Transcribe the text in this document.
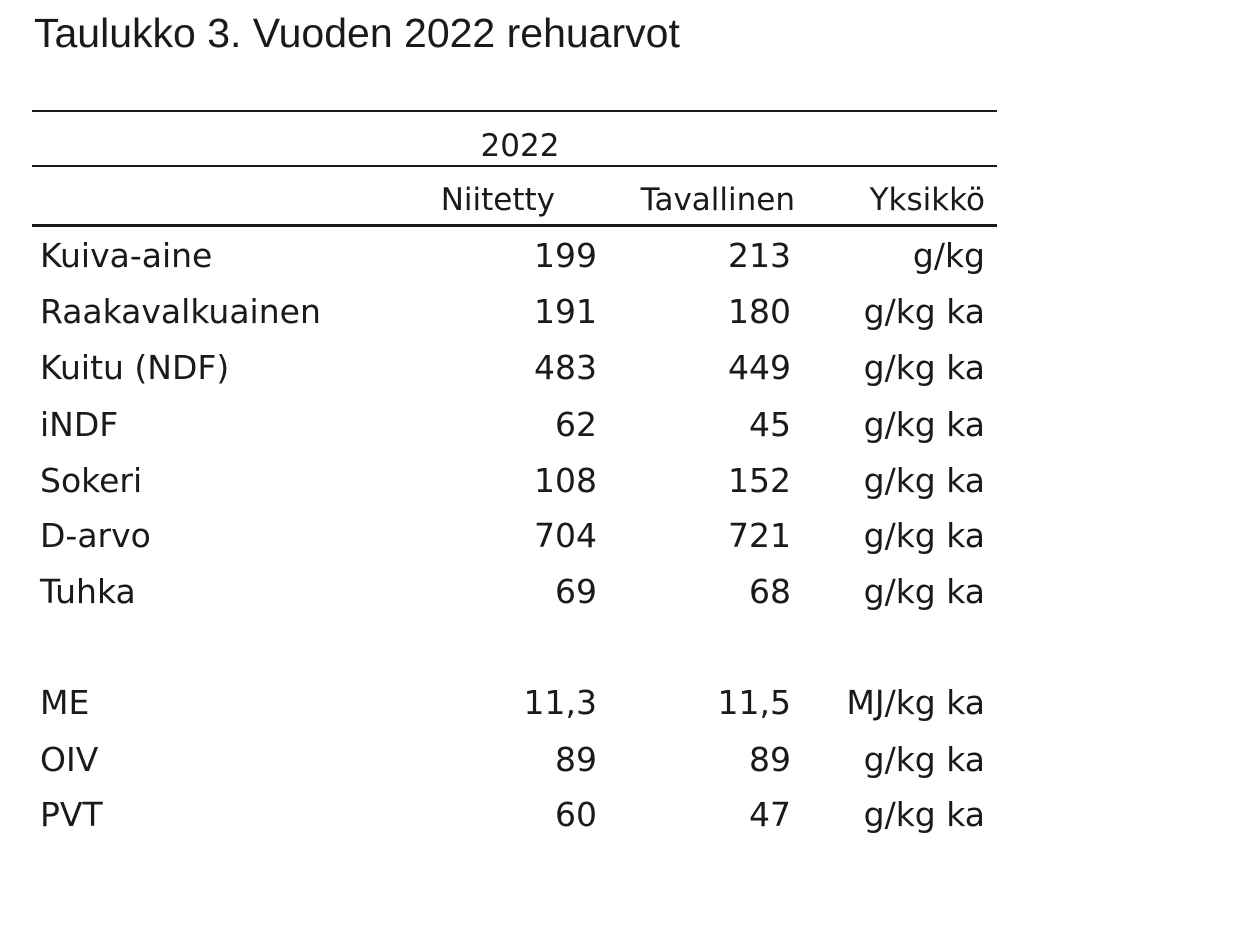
Taulukko 3. Vuoden 2022 rehuarvot
2022
Niitetty	Tavallinen Yksikkö
Kuiva-aine	199	213	g/kg
Raakavalkuainen	191	180 g/kg ka
Kuitu (NDF)	483	449 g/kg ka
iNDF	62	45 g/kg ka
Sokeri	108	152 g/kg ka
D-arvo	704	721 g/kg ka
Tuhka	69	68 g/kg ka
ME	11,3	11,5 MJ/kg ka
OIV	89	89 g/kg ka
PVT	60	47 g/kg ka
